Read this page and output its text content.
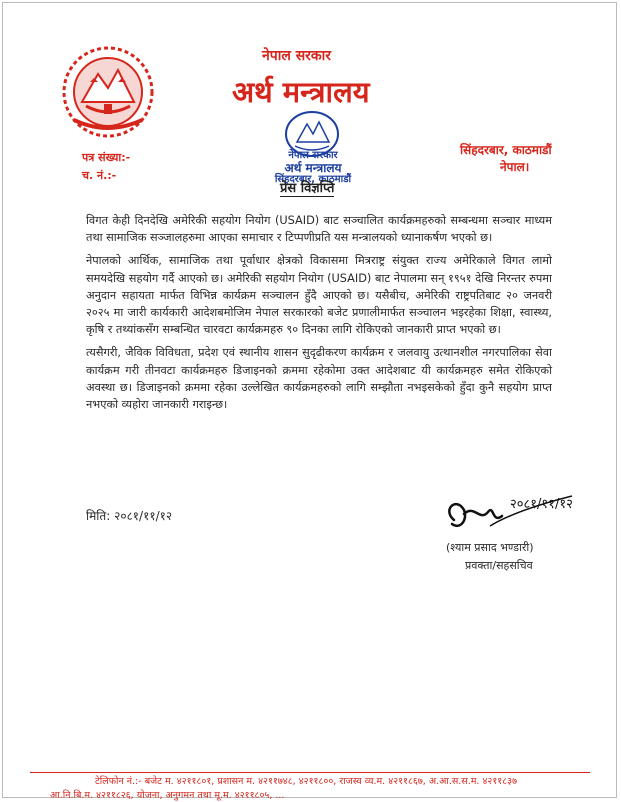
नेपाल सरकार
अर्थ मन्त्रालय
नेपाल सरकार
अर्थ मन्त्रालय
सिंहदरबार, काठमाडौं
प्रेस विज्ञप्ति
पत्र संख्या:-
च. नं.:-
सिंहदरबार, काठमाडौं
नेपाल।

विगत केही दिनदेखि अमेरिकी सहयोग नियोग (USAID) बाट सञ्चालित कार्यक्रमहरुको सम्बन्धमा सञ्चार माध्यम तथा सामाजिक सञ्जालहरुमा आएका समाचार र टिप्पणीप्रति यस मन्त्रालयको ध्यानाकर्षण भएको छ।

नेपालको आर्थिक, सामाजिक तथा पूर्वाधार क्षेत्रको विकासमा मित्रराष्ट्र संयुक्त राज्य अमेरिकाले विगत लामो समयदेखि सहयोग गर्दै आएको छ। अमेरिकी सहयोग नियोग (USAID) बाट नेपालमा सन् १९५१ देखि निरन्तर रुपमा अनुदान सहायता मार्फत विभिन्न कार्यक्रम सञ्चालन हुँदै आएको छ। यसैबीच, अमेरिकी राष्ट्रपतिबाट २० जनवरी २०२५ मा जारी कार्यकारी आदेशबमोजिम नेपाल सरकारको बजेट प्रणालीमार्फत सञ्चालन भइरहेका शिक्षा, स्वास्थ्य, कृषि र तथ्यांकसँग सम्बन्धित चारवटा कार्यक्रमहरु ९० दिनका लागि रोकिएको जानकारी प्राप्त भएको छ।

त्यसैगरी, जैविक विविधता, प्रदेश एवं स्थानीय शासन सुदृढीकरण कार्यक्रम र जलवायु उत्थानशील नगरपालिका सेवा कार्यक्रम गरी तीनवटा कार्यक्रमहरु डिजाइनको क्रममा रहेकोमा उक्त आदेशबाट यी कार्यक्रमहरु समेत रोकिएको अवस्था छ। डिजाइनको क्रममा रहेका उल्लेखित कार्यक्रमहरुको लागि सम्झौता नभइसकेको हुँदा कुनै सहयोग प्राप्त नभएको व्यहोरा जानकारी गराइन्छ।

मिति: २०८१/११/१२
२०८१/११/१२
(श्याम प्रसाद भण्डारी)
प्रवक्ता/सहसचिव
टेलिफोन नं.:- बजेट म. ४२११८०१, प्रशासन म. ४२११७४८, ४२११८००, राजस्व व्य.म. ४२११८६७, अ.आ.स.स.म. ४२११८३७
आ.नि.बि.म. ४२११८२६, योजना, अनुगमन तथा मू.म. ४२११८०५, ...
